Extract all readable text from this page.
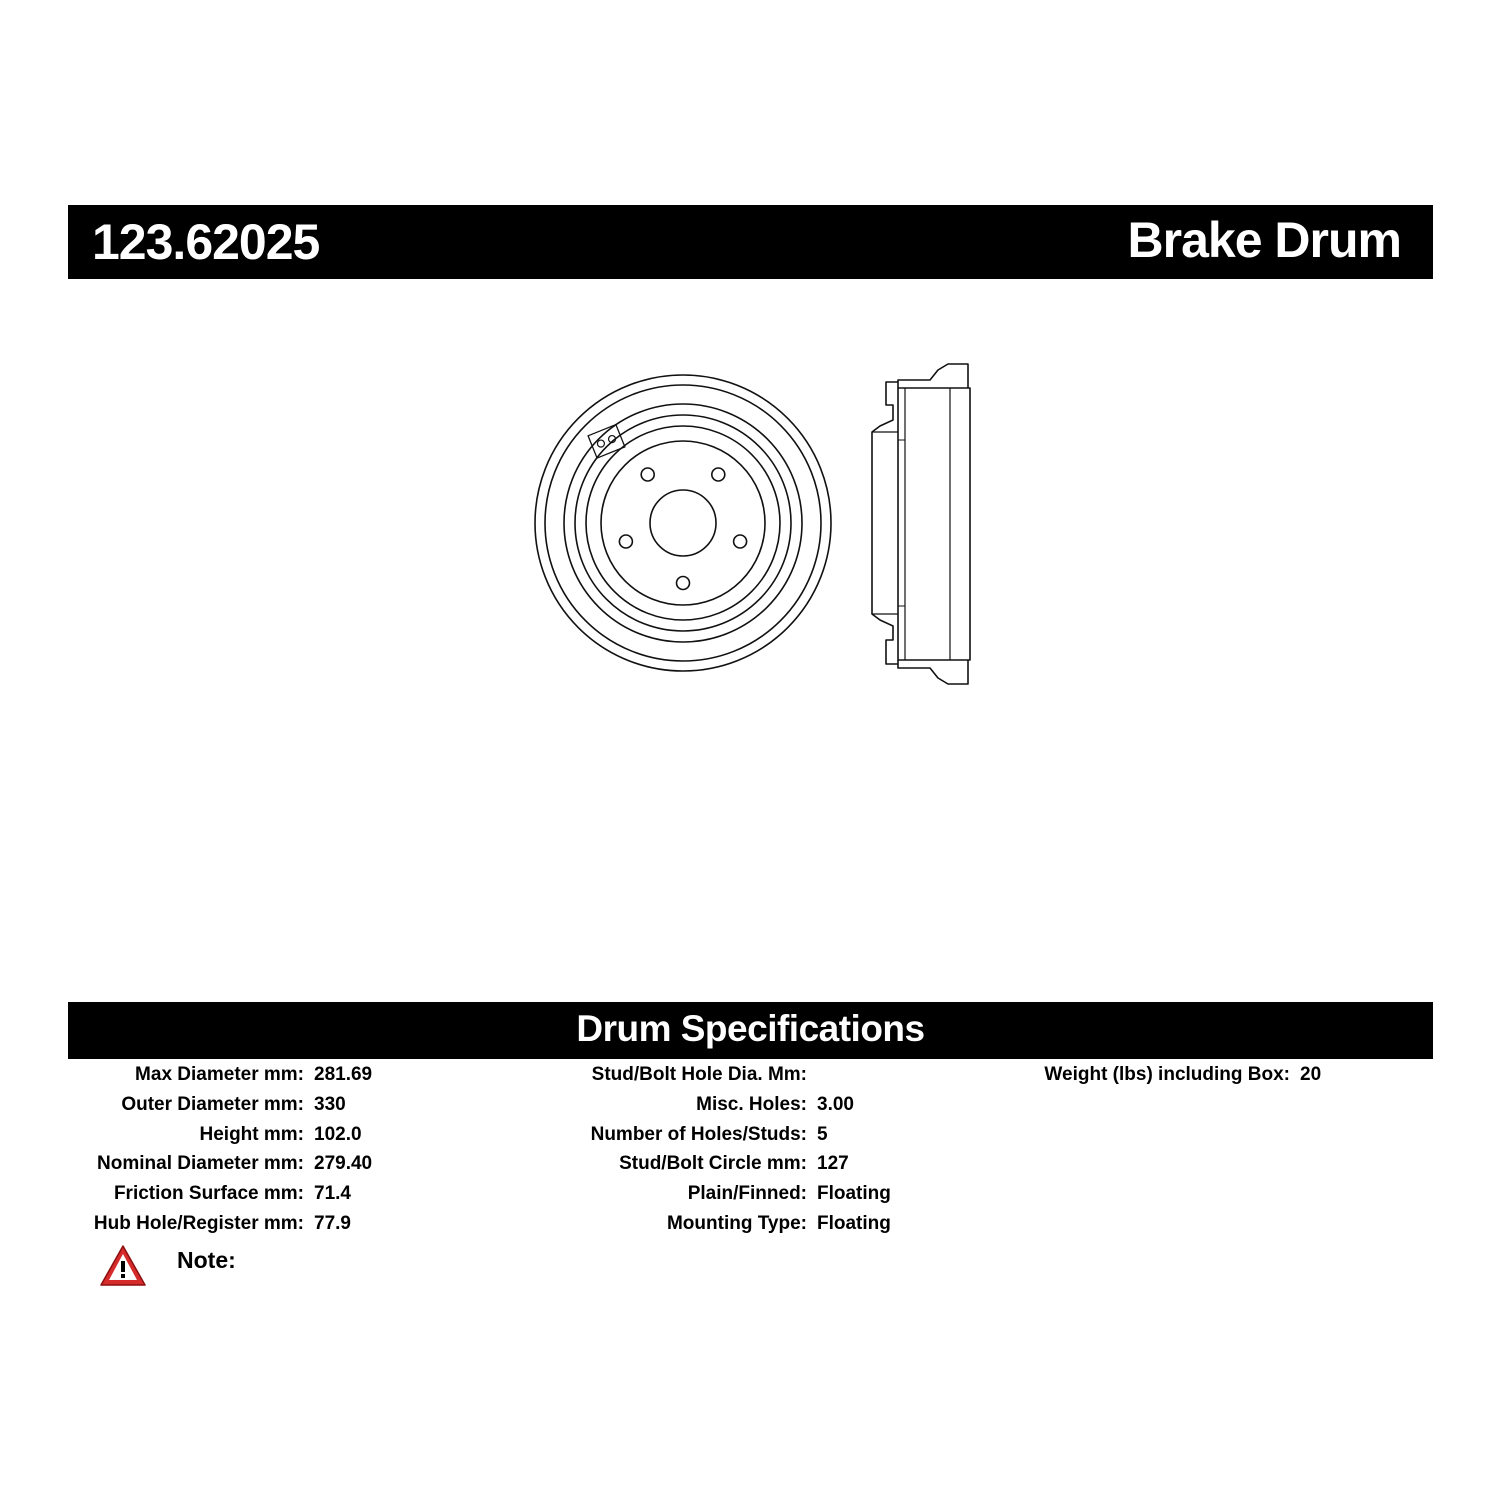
123.62025	Brake Drum
Drum Specifications
Max Diameter mm: 281.69
Outer Diameter mm: 330
Height mm: 102.0
Nominal Diameter mm: 279.40
Friction Surface mm: 71.4
Hub Hole/Register mm: 77.9
Stud/Bolt Hole Dia. Mm:
Misc. Holes: 3.00
Number of Holes/Studs: 5
Stud/Bolt Circle mm: 127
Plain/Finned: Floating
Mounting Type: Floating
Weight (lbs) including Box: 20
Note:
